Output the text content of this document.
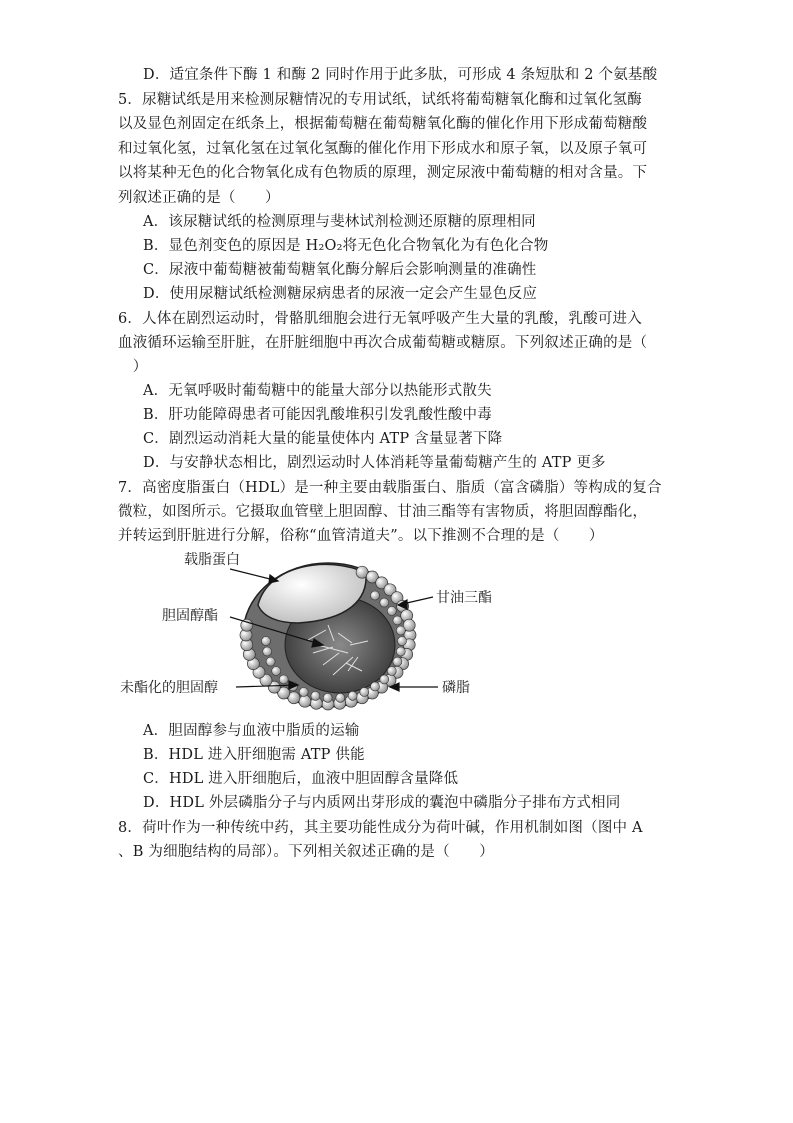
D．适宜条件下酶 1 和酶 2 同时作用于此多肽，可形成 4 条短肽和 2 个氨基酸
5．尿糖试纸是用来检测尿糖情况的专用试纸，试纸将葡萄糖氧化酶和过氧化氢酶
以及显色剂固定在纸条上，根据葡萄糖在葡萄糖氧化酶的催化作用下形成葡萄糖酸
和过氧化氢，过氧化氢在过氧化氢酶的催化作用下形成水和原子氧，以及原子氧可
以将某种无色的化合物氧化成有色物质的原理，测定尿液中葡萄糖的相对含量。下
列叙述正确的是（　　）
A．该尿糖试纸的检测原理与斐林试剂检测还原糖的原理相同
B．显色剂变色的原因是 H₂O₂将无色化合物氧化为有色化合物
C．尿液中葡萄糖被葡萄糖氧化酶分解后会影响测量的准确性
D．使用尿糖试纸检测糖尿病患者的尿液一定会产生显色反应
6．人体在剧烈运动时，骨骼肌细胞会进行无氧呼吸产生大量的乳酸，乳酸可进入
血液循环运输至肝脏，在肝脏细胞中再次合成葡萄糖或糖原。下列叙述正确的是（
　）
A．无氧呼吸时葡萄糖中的能量大部分以热能形式散失
B．肝功能障碍患者可能因乳酸堆积引发乳酸性酸中毒
C．剧烈运动消耗大量的能量使体内 ATP 含量显著下降
D．与安静状态相比，剧烈运动时人体消耗等量葡萄糖产生的 ATP 更多
7．高密度脂蛋白（HDL）是一种主要由载脂蛋白、脂质（富含磷脂）等构成的复合
微粒，如图所示。它摄取血管壁上胆固醇、甘油三酯等有害物质，将胆固醇酯化，
并转运到肝脏进行分解，俗称“血管清道夫”。以下推测不合理的是（　　）
载脂蛋白
甘油三酯
胆固醇酯
未酯化的胆固醇	磷脂
A．胆固醇参与血液中脂质的运输
B．HDL 进入肝细胞需 ATP 供能
C．HDL 进入肝细胞后，血液中胆固醇含量降低
D．HDL 外层磷脂分子与内质网出芽形成的囊泡中磷脂分子排布方式相同
8．荷叶作为一种传统中药，其主要功能性成分为荷叶碱，作用机制如图（图中 A
、B 为细胞结构的局部）。下列相关叙述正确的是（　　）
